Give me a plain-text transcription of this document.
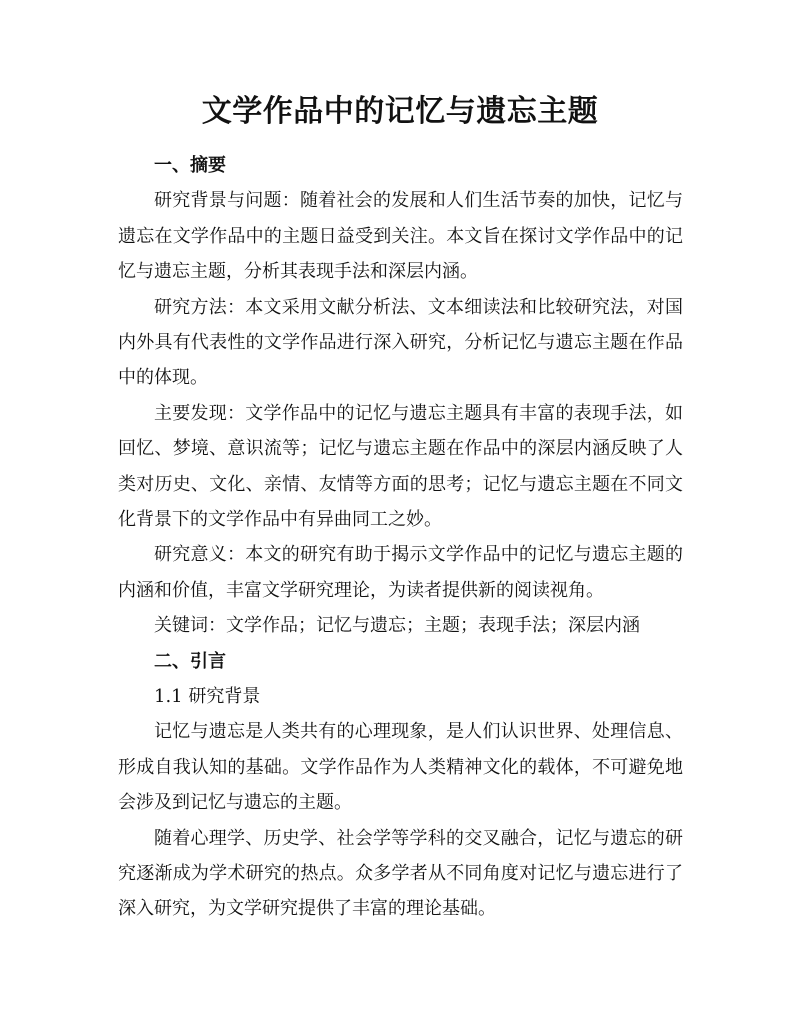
文学作品中的记忆与遗忘主题
一、摘要
研究背景与问题：随着社会的发展和人们生活节奏的加快，记忆与遗忘在文学作品中的主题日益受到关注。本文旨在探讨文学作品中的记忆与遗忘主题，分析其表现手法和深层内涵。
研究方法：本文采用文献分析法、文本细读法和比较研究法，对国内外具有代表性的文学作品进行深入研究，分析记忆与遗忘主题在作品中的体现。
主要发现：文学作品中的记忆与遗忘主题具有丰富的表现手法，如回忆、梦境、意识流等；记忆与遗忘主题在作品中的深层内涵反映了人类对历史、文化、亲情、友情等方面的思考；记忆与遗忘主题在不同文化背景下的文学作品中有异曲同工之妙。
研究意义：本文的研究有助于揭示文学作品中的记忆与遗忘主题的内涵和价值，丰富文学研究理论，为读者提供新的阅读视角。
关键词：文学作品；记忆与遗忘；主题；表现手法；深层内涵
二、引言
1.1 研究背景
记忆与遗忘是人类共有的心理现象，是人们认识世界、处理信息、形成自我认知的基础。文学作品作为人类精神文化的载体，不可避免地会涉及到记忆与遗忘的主题。
随着心理学、历史学、社会学等学科的交叉融合，记忆与遗忘的研究逐渐成为学术研究的热点。众多学者从不同角度对记忆与遗忘进行了深入研究，为文学研究提供了丰富的理论基础。
